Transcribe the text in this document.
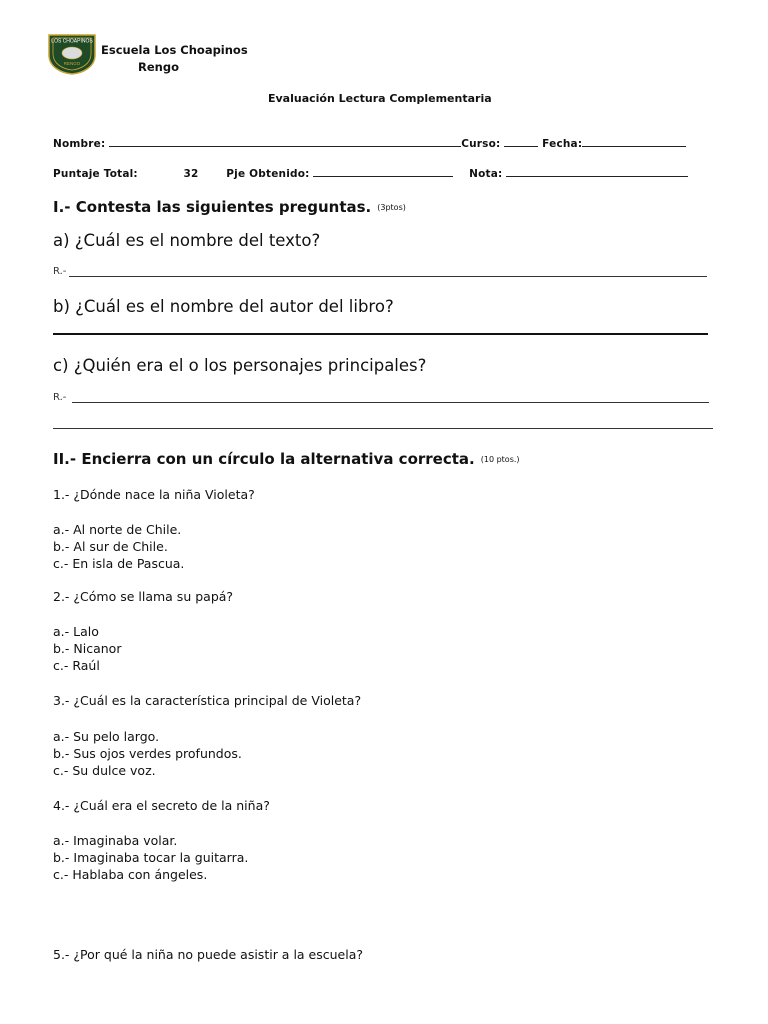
LOS CHOAPINOS
RENGO
Escuela Los Choapinos
Rengo
Evaluación Lectura Complementaria
Nombre:	Curso:	Fecha:
Puntaje Total:	32	Pje Obtenido:	Nota:
I.- Contesta las siguientes preguntas. (3ptos)
a) ¿Cuál es el nombre del texto?
R.-
b) ¿Cuál es el nombre del autor del libro?
c) ¿Quién era el o los personajes principales?
R.-
II.- Encierra con un círculo la alternativa correcta. (10 ptos.)
1.- ¿Dónde nace la niña Violeta?
a.- Al norte de Chile.
b.- Al sur de Chile.
c.- En isla de Pascua.
2.- ¿Cómo se llama su papá?
a.- Lalo
b.- Nicanor
c.- Raúl
3.- ¿Cuál es la característica principal de Violeta?
a.- Su pelo largo.
b.- Sus ojos verdes profundos.
c.- Su dulce voz.
4.- ¿Cuál era el secreto de la niña?
a.- Imaginaba volar.
b.- Imaginaba tocar la guitarra.
c.- Hablaba con ángeles.
5.- ¿Por qué la niña no puede asistir a la escuela?
